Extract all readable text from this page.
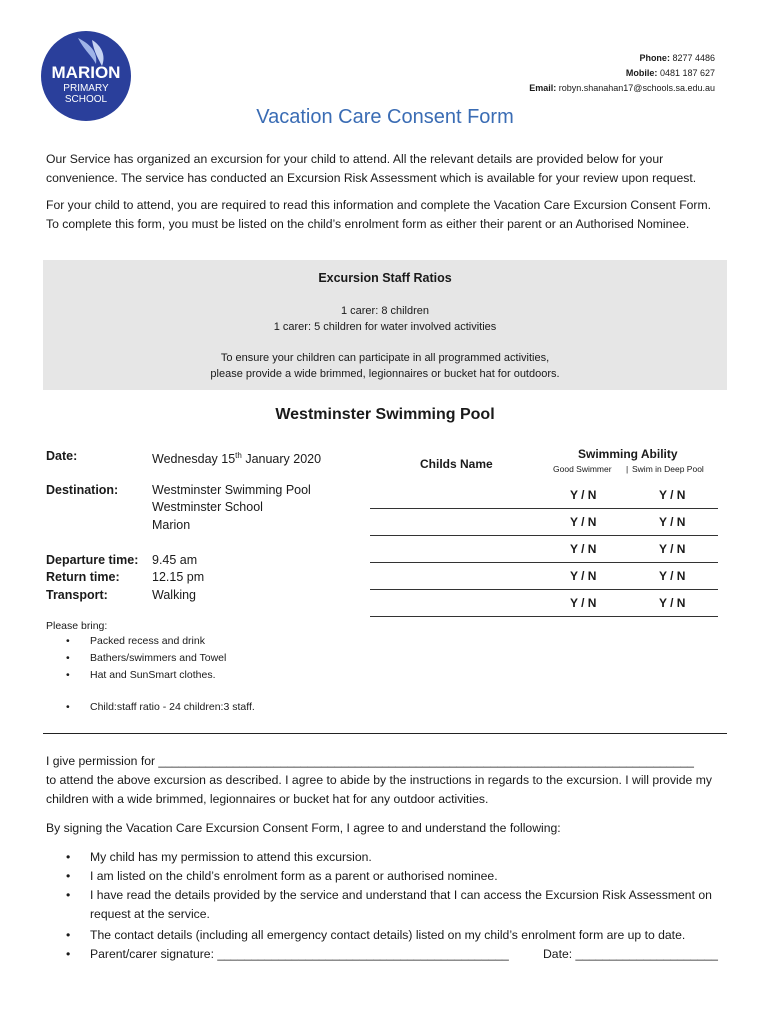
MARION
PRIMARY
SCHOOL
Phone: 8277 4486
Mobile: 0481 187 627
Email: robyn.shanahan17@schools.sa.edu.au
Vacation Care Consent Form
Our Service has organized an excursion for your child to attend. All the relevant details are provided below for your convenience. The service has conducted an Excursion Risk Assessment which is available for your review upon request.
For your child to attend, you are required to read this information and complete the Vacation Care Excursion Consent Form. To complete this form, you must be listed on the child’s enrolment form as either their parent or an Authorised Nominee.
Excursion Staff Ratios
1 carer: 8 children
1 carer: 5 children for water involved activities
To ensure your children can participate in all programmed activities,
please provide a wide brimmed, legionnaires or bucket hat for outdoors.
Westminster Swimming Pool
Date:	Wednesday 15th January 2020
Destination:	Westminster Swimming Pool
Westminster School
Marion
Departure time: 9.45 am
Return time:	12.15 pm
Transport:	Walking
Childs Name
Swimming Ability
Good Swimmer | Swim in Deep Pool
Y / N	Y / N
Y / N	Y / N
Y / N	Y / N
Y / N	Y / N
Y / N	Y / N
Please bring:
• Packed recess and drink
• Bathers/swimmers and Towel
• Hat and SunSmart clothes.
• Child:staff ratio - 24 children:3 staff.
I give permission for _______________________________________________________________________________
to attend the above excursion as described. I agree to abide by the instructions in regards to the excursion. I will provide my children with a wide brimmed, legionnaires or bucket hat for any outdoor activities.
By signing the Vacation Care Excursion Consent Form, I agree to and understand the following:
•	My child has my permission to attend this excursion.
•	I am listed on the child’s enrolment form as a parent or authorised nominee.
•	I have read the details provided by the service and understand that I can access the Excursion Risk Assessment on request at the service.
•	The contact details (including all emergency contact details) listed on my child’s enrolment form are up to date.
•	Parent/carer signature: ___________________________________________	Date: _____________________
